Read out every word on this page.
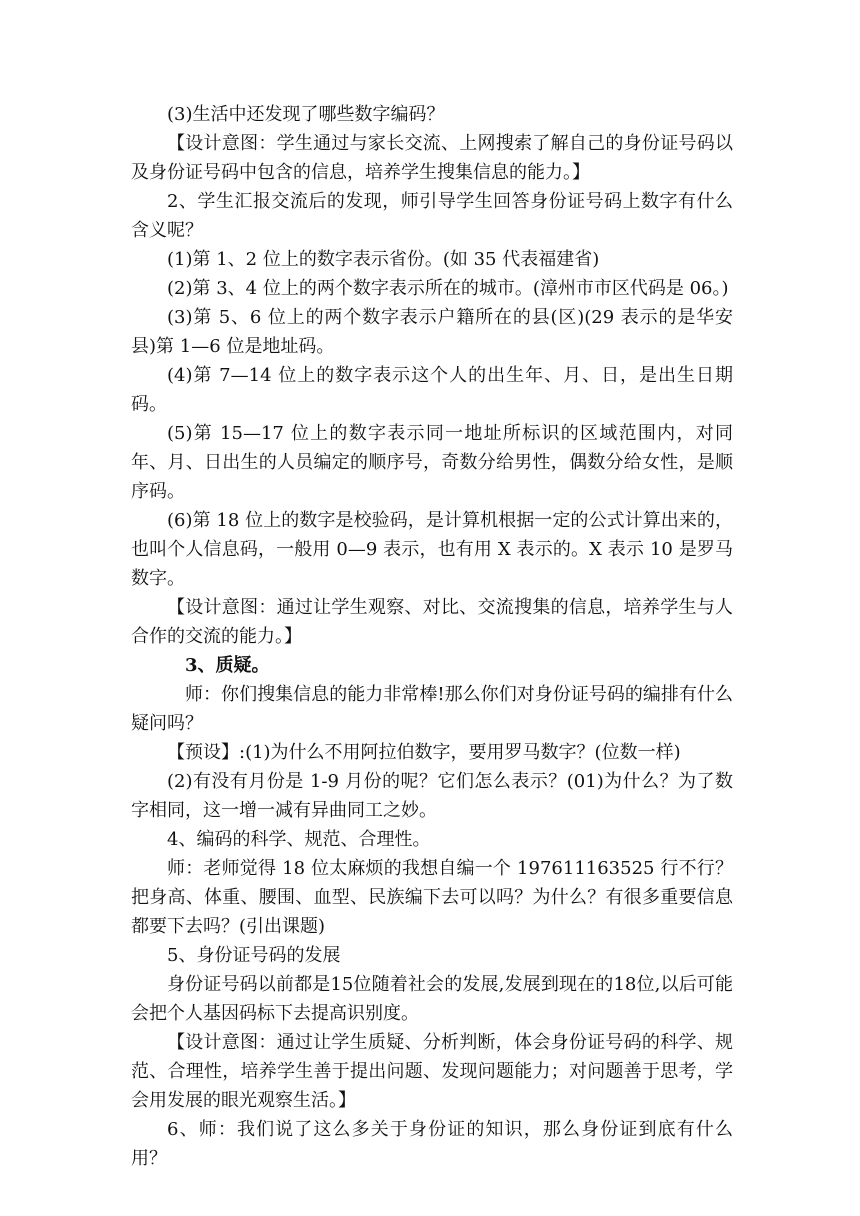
(3)生活中还发现了哪些数字编码？

【设计意图：学生通过与家长交流、上网搜索了解自己的身份证号码以及身份证号码中包含的信息，培养学生搜集信息的能力。】

2、学生汇报交流后的发现，师引导学生回答身份证号码上数字有什么含义呢？

(1)第 1、2 位上的数字表示省份。(如 35 代表福建省)

(2)第 3、4 位上的两个数字表示所在的城市。(漳州市市区代码是 06。)

(3)第 5、6 位上的两个数字表示户籍所在的县(区)(29 表示的是华安县)第 1—6 位是地址码。

(4)第 7—14 位上的数字表示这个人的出生年、月、日，是出生日期码。

(5)第 15—17 位上的数字表示同一地址所标识的区域范围内，对同年、月、日出生的人员编定的顺序号，奇数分给男性，偶数分给女性，是顺序码。

(6)第 18 位上的数字是校验码，是计算机根据一定的公式计算出来的，也叫个人信息码，一般用 0—9 表示，也有用 X 表示的。X 表示 10 是罗马数字。

【设计意图：通过让学生观察、对比、交流搜集的信息，培养学生与人合作的交流的能力。】

3、质疑。

师：你们搜集信息的能力非常棒!那么你们对身份证号码的编排有什么疑问吗？

【预设】:(1)为什么不用阿拉伯数字，要用罗马数字？(位数一样)

(2)有没有月份是 1-9 月份的呢？它们怎么表示？(01)为什么？为了数字相同，这一增一减有异曲同工之妙。

4、编码的科学、规范、合理性。

师：老师觉得 18 位太麻烦的我想自编一个 197611163525 行不行？把身高、体重、腰围、血型、民族编下去可以吗？为什么？有很多重要信息都要下去吗？(引出课题)

5、身份证号码的发展

身份证号码以前都是15位随着社会的发展,发展到现在的18位,以后可能会把个人基因码标下去提高识别度。

【设计意图：通过让学生质疑、分析判断，体会身份证号码的科学、规范、合理性，培养学生善于提出问题、发现问题能力；对问题善于思考，学会用发展的眼光观察生活。】

6、师：我们说了这么多关于身份证的知识，那么身份证到底有什么用？
